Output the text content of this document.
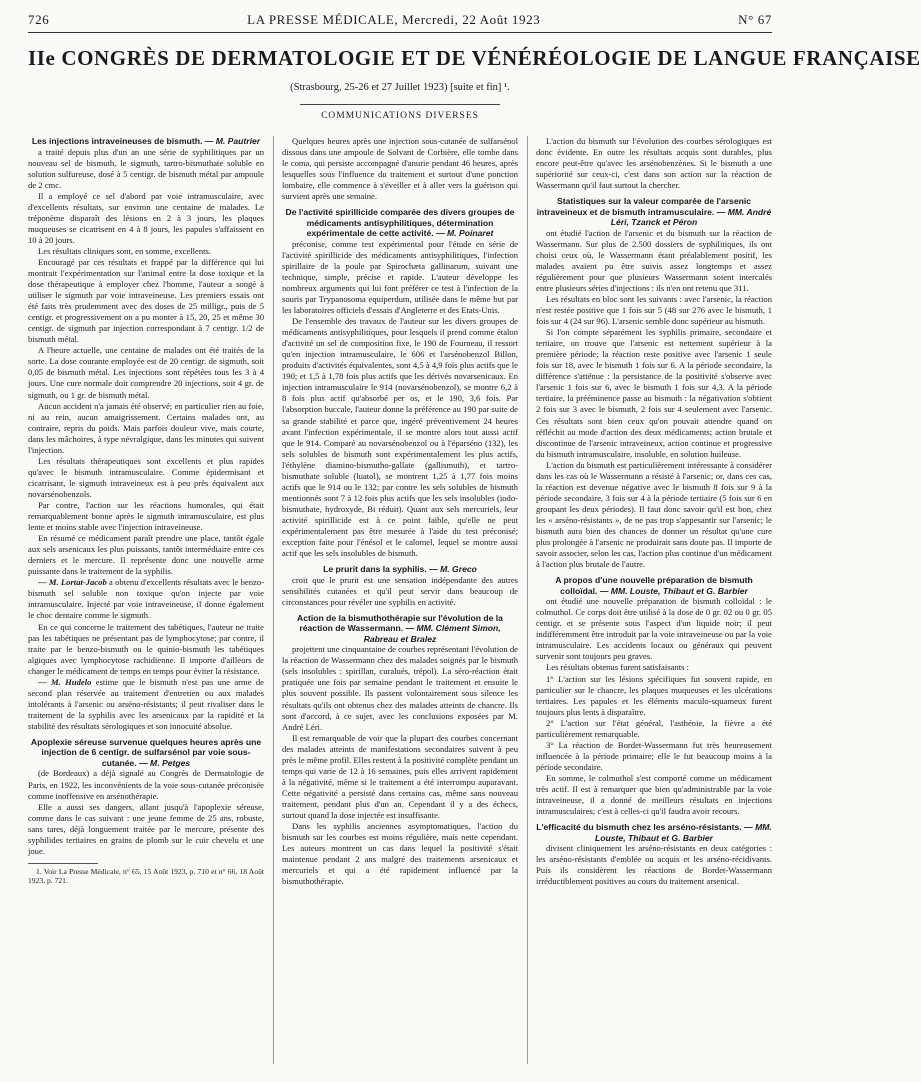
726	LA PRESSE MÉDICALE, Mercredi, 22 Août 1923	N° 67
IIe CONGRÈS DE DERMATOLOGIE ET DE VÉNÉRÉOLOGIE DE LANGUE FRANÇAISE
(Strasbourg, 25-26 et 27 Juillet 1923) [suite et fin] ¹.
COMMUNICATIONS DIVERSES

Les injections intraveineuses de bismuth. — M. Pautrier

a traité depuis plus d'un an une série de syphilitiques par un nouveau sel de bismuth, le sigmuth, tartro-bismuthate soluble en solution sulfureuse, dosé à 5 centigr. de bismuth métal par ampoule de 2 cmc.

Il a employé ce sel d'abord par voie intramusculaire, avec d'excellents résultats, sur environ une centaine de malades. Le tréponème disparaît des lésions en 2 à 3 jours, les plaques muqueuses se cicatrisent en 4 à 8 jours, les papules s'affaissent en 10 à 20 jours.

Les résultats cliniques sont, en somme, excellents.

Encouragé par ces résultats et frappé par la différence qui lui montrait l'expérimentation sur l'animal entre la dose toxique et la dose thérapeutique à employer chez l'homme, l'auteur a songé à utiliser le sigmuth par voie intraveineuse. Les premiers essais ont été faits très prudemment avec des doses de 25 milligr., puis de 5 centigr. et progressivement on a pu monter à 15, 20, 25 et même 30 centigr. de sigmuth par injection correspondant à 7 centigr. 1/2 de bismuth métal.

A l'heure actuelle, une centaine de malades ont été traités de la sorte. La dose courante employée est de 20 centigr. de sigmuth, soit 0,05 de bismuth métal. Les injections sont répétées tous les 3 à 4 jours. Une cure normale doit comprendre 20 injections, soit 4 gr. de sigmuth, ou 1 gr. de bismuth métal.

Aucun accident n'a jamais été observé; en particulier rien au foie, ni au rein, aucun amaigrissement. Certains malades ont, au contraire, repris du poids. Mais parfois douleur vive, mais courte, dans les mâchoires, à type névralgique, dans les minutes qui suivent l'injection.

Les résultats thérapeutiques sont excellents et plus rapides qu'avec le bismuth intramusculaire. Comme épidermisant et cicatrisant, le sigmuth intraveineux est à peu près équivalent aux novarsénobenzols.

Par contre, l'action sur les réactions humorales, qui était remarquablement bonne après le sigmuth intramusculaire, est plus lente et moins stable avec l'injection intraveineuse.

En résumé ce médicament paraît prendre une place, tantôt égale aux sels arsenicaux les plus puissants, tantôt intermédiaire entre ces derniers et le mercure. Il représente donc une nouvelle arme puissante dans le traitement de la syphilis.

— M. Lortat-Jacob a obtenu d'excellents résultats avec le benzo-bismuth sel soluble non toxique qu'on injecte par voie intramusculaire. Injecté par voie intraveineuse, il donne également le choc dentaire comme le sigmuth.

En ce qui concerne le traitement des tabétiques, l'auteur ne traite pas les tabétiques ne présentant pas de lymphocytose; par contre, il traite par le benzo-bismuth ou le quinio-bismuth les tabétiques algiques avec lymphocytose rachidienne. Il importe d'ailleurs de changer le médicament de temps en temps pour éviter la résistance.

— M. Hudelo estime que le bismuth n'est pas une arme de second plan réservée au traitement d'entretien ou aux malades intolérants à l'arsenic ou arséno-résistants; il peut rivaliser dans le traitement de la syphilis avec les arsenicaux par la rapidité et la stabilité des résultats sérologiques et son innocuité absolue.

Apoplexie séreuse survenue quelques heures après une injection de 6 centigr. de sulfarsénol par voie sous-cutanée. — M. Petges

(de Bordeaux) a déjà signalé au Congrès de Dermatologie de Paris, en 1922, les inconvénients de la voie sous-cutanée préconisée comme inoffensive en arsénothérapie.

Elle a aussi ses dangers, allant jusqu'à l'apoplexie séreuse, comme dans le cas suivant : une jeune femme de 25 ans, robuste, sans tares, déjà longuement traitée par le mercure, présente des syphilides tertiaires en grains de plomb sur le cuir chevelu et une joue.

1. Voir La Presse Médicale, n° 65, 15 Août 1923, p. 710 et n° 66, 18 Août 1923, p. 721.

Quelques heures après une injection sous-cutanée de sulfarsénol dissous dans une ampoule de Solvant de Corbière, elle tombe dans le coma, qui persiste accompagné d'anurie pendant 46 heures, après lesquelles sous l'influence du traitement et surtout d'une ponction lombaire, elle commence à s'éveiller et à aller vers la guérison qui survient après une semaine.

De l'activité spirillicide comparée des divers groupes de médicaments antisyphilitiques, détermination expérimentale de cette activité. — M. Poinaret

préconise, comme test expérimental pour l'étude en série de l'activité spirillicide des médicaments antisyphilitiques, l'infection spirillaire de la poule par Spirochæta gallinarum, suivant une technique, simple, précise et rapide. L'auteur développe les nombreux arguments qui lui font préférer ce test à l'infection de la souris par Trypanosoma equiperdum, utilisée dans le même but par les laboratoires officiels d'essais d'Angleterre et des Etats-Unis.

De l'ensemble des travaux de l'auteur sur les divers groupes de médicaments antisyphilitiques, pour lesquels il prend comme étalon d'activité un sel de composition fixe, le 190 de Fourneau, il ressort qu'en injection intramusculaire, le 606 et l'arsénobenzol Billon, produits d'activités équivalentes, sont 4,5 à 4,9 fois plus actifs que le 190; et 1,5 à 1,78 fois plus actifs que les dérivés novarsenicaux. En injection intramusculaire le 914 (novarsénobenzol), se montre 6,2 à 8 fois plus actif qu'absorbé per os, et le 190, 3,6 fois. Par l'absorption buccale, l'auteur donne la préférence au 190 par suite de sa grande stabilité et parce que, ingéré préventivement 24 heures avant l'infection expérimentale, il se montre alors tout aussi actif que le 914. Comparé au novarsénobenzol ou à l'éparséno (132), les sels solubles de bismuth sont expérimentalement les plus actifs, l'éthylène diamino-bismutho-gallate (gallismuth), et tartro-bismuthate soluble (luatol), se montrent 1,25 à 1,77 fois moins actifs que le 914 ou le 132; par contre les sels solubles de bismuth mentionnés sont 7 à 12 fois plus actifs que les sels insolubles (iodo-bismuthate, hydroxyde, Bi réduit). Quant aux sels mercuriels, leur activité spirillicide est à ce point faible, qu'elle ne peut expérimentalement pas être mesurée à l'aide du test préconisé; exception faite pour l'énésol et le calomel, lequel se montre aussi actif que les sels insolubles de bismuth.

Le prurit dans la syphilis. — M. Greco

croit que le prurit est une sensation indépendante des autres sensibilités cutanées et qu'il peut servir dans beaucoup de circonstances pour révéler une syphilis en activité.

Action de la bismuthothérapie sur l'évolution de la réaction de Wassermann. — MM. Clément Simon, Rabreau et Bralez

projettent une cinquantaine de courbes représentant l'évolution de la réaction de Wassermann chez des malades soignés par le bismuth (sels insolubles : spirillan, curalués, trépol). La séro-réaction était pratiquée une fois par semaine pendant le traitement et ensuite le plus souvent possible. Ils passent volontairement sous silence les résultats qu'ils ont obtenus chez des malades atteints de chancre. Ils sont d'accord, à ce sujet, avec les conclusions exposées par M. André Léri.

Il est remarquable de voir que la plupart des courbes concernant des malades atteints de manifestations secondaires suivent à peu près le même profil. Elles restent à la positivité complète pendant un temps qui varie de 12 à 16 semaines, puis elles arrivent rapidement à la négativité, même si le traitement a été interrompu auparavant. Cette négativité a persisté dans certains cas, même sans nouveau traitement, pendant plus d'un an. Cependant il y a des échecs, surtout quand la dose injectée est insuffisante.

Dans les syphilis anciennes asymptomatiques, l'action du bismuth sur les courbes est moins régulière, mais nette cependant. Les auteurs montrent un cas dans lequel la positivité s'était maintenue pendant 2 ans malgré des traitements arsenicaux et mercuriels et qui a été rapidement influencé par la bismuthothérapie.

L'action du bismuth sur l'évolution des courbes sérologiques est donc évidente. En outre les résultats acquis sont durables, plus encore peut-être qu'avec les arsénobenzènes. Si le bismuth a une supériorité sur ceux-ci, c'est dans son action sur la réaction de Wassermann qu'il faut surtout la chercher.

Statistiques sur la valeur comparée de l'arsenic intraveineux et de bismuth intramusculaire. — MM. André Léri, Tzanck et Péron

ont étudié l'action de l'arsenic et du bismuth sur la réaction de Wassermann. Sur plus de 2.500 dossiers de syphilitiques, ils ont choisi ceux où, le Wassermann étant préalablement positif, les malades avaient pu être suivis assez longtemps et assez régulièrement pour que plusieurs Wassermann soient intercalés entre plusieurs séries d'injections : ils n'en ont retenu que 311.

Les résultats en bloc sont les suivants : avec l'arsenic, la réaction n'est restée positive que 1 fois sur 5 (48 sur 276 avec le bismuth, 1 fois sur 4 (24 sur 96). L'arsenic semble donc supérieur au bismuth.

Si l'on compte séparément les syphilis primaire, secondaire et tertiaire, on trouve que l'arsenic est nettement supérieur à la première période; la réaction reste positive avec l'arsenic 1 seule fois sur 18, avec le bismuth 1 fois sur 6. A la période secondaire, la différence s'atténue : la persistance de la positivité s'observe avec l'arsenic 1 fois sur 6, avec le bismuth 1 fois sur 4,3. A la période tertiaire, la prééminence passe au bismuth : la négativation s'obtient 2 fois sur 3 avec le bismuth, 2 fois sur 4 seulement avec l'arsenic. Ces résultats sont bien ceux qu'on pouvait attendre quand on réfléchit au mode d'action des deux médicaments; action brutale et discontinue de l'arsenic intraveineux, action continue et progressive du bismuth intramusculaire, insoluble, en solution huileuse.

L'action du bismuth est particulièrement intéressante à considérer dans les cas où le Wassermann a résisté à l'arsenic; or, dans ces cas, la réaction est devenue négative avec le bismuth 8 fois sur 9 à la période secondaire, 3 fois sur 4 à la période tertiaire (5 fois sur 6 en groupant les deux périodes). Il faut donc savoir qu'il est bon, chez les « arséno-résistants », de ne pas trop s'appesantir sur l'arsenic; le bismuth aura bien des chances de donner un résultat qu'une cure plus prolongée à l'arsenic ne produirait sans doute pas. Il importe de savoir associer, selon les cas, l'action plus continue d'un médicament à l'action plus brutale de l'autre.

A propos d'une nouvelle préparation de bismuth colloïdal. — MM. Louste, Thibaut et G. Barbier

ont étudié une nouvelle préparation de bismuth colloïdal : le colmuthol. Ce corps doit être utilisé à la dose de 0 gr. 02 ou 0 gr. 05 centigr. et se présente sous l'aspect d'un liquide noir; il peut indifféremment être introduit par la voie intraveineuse ou par la voie intramusculaire. Les accidents locaux ou généraux qui peuvent survenir sont toujours peu graves.

Les résultats obtenus furent satisfaisants :

1° L'action sur les lésions spécifiques fut souvent rapide, en particulier sur le chancre, les plaques muqueuses et les ulcérations tertiaires. Les papules et les éléments maculo-squameux furent toujours plus lents à disparaître.

2° L'action sur l'état général, l'asthénie, la fièvre a été particulièrement remarquable.

3° La réaction de Bordet-Wassermann fut très heureusement influencée à la période primaire; elle le fut beaucoup moins à la période secondaire.

En somme, le colmuthol s'est comporté comme un médicament très actif. Il est à remarquer que bien qu'administrable par la voie intraveineuse, il a donné de meilleurs résultats en injections intramusculaires; c'est à celles-ci qu'il faudra avoir recours.

L'efficacité du bismuth chez les arséno-résistants. — MM. Louste, Thibaut et G. Barbier

divisent cliniquement les arséno-résistants en deux catégories : les arséno-résistants d'emblée ou acquis et les arséno-récidivants. Puis ils considèrent les réactions de Bordet-Wassermann irréductiblement positives au cours du traitement arsenical.
